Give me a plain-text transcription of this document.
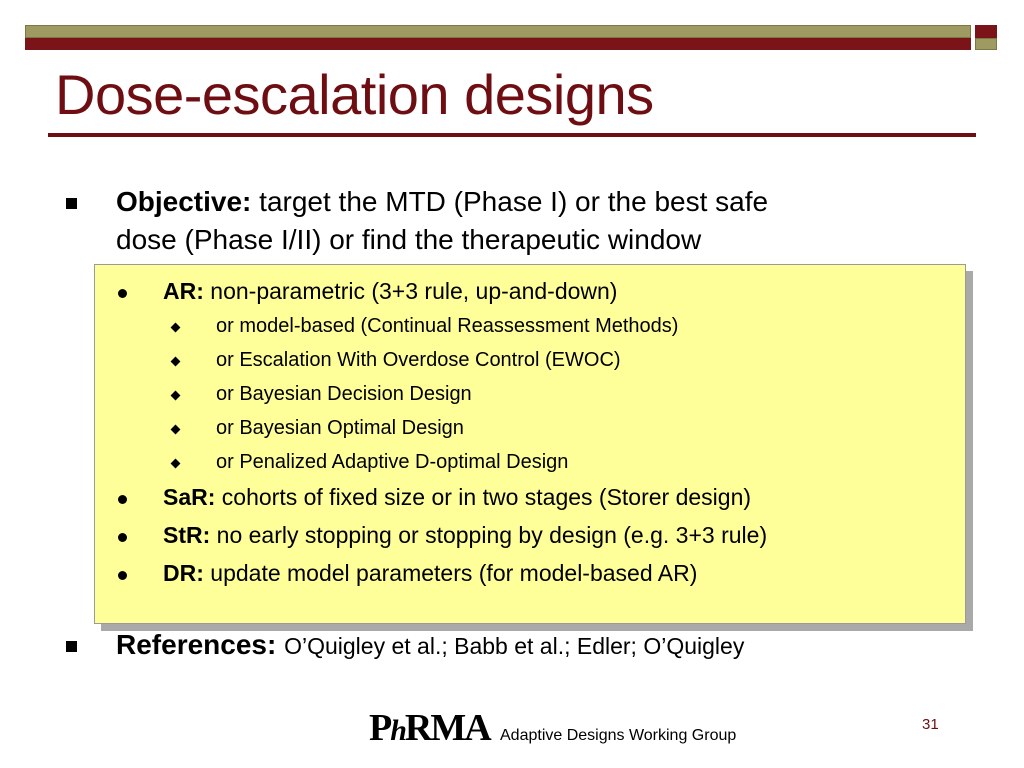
Dose-escalation designs
Objective: target the MTD (Phase I) or the best safe
dose (Phase I/II) or find the therapeutic window
AR: non-parametric (3+3 rule, up-and-down)
or model-based (Continual Reassessment Methods)
or Escalation With Overdose Control (EWOC)
or Bayesian Decision Design
or Bayesian Optimal Design
or Penalized Adaptive D-optimal Design
SaR: cohorts of fixed size or in two stages (Storer design)
StR: no early stopping or stopping by design (e.g. 3+3 rule)
DR: update model parameters (for model-based AR)
References: O’Quigley et al.; Babb et al.; Edler; O’Quigley
PhRMA Adaptive Designs Working Group
31
